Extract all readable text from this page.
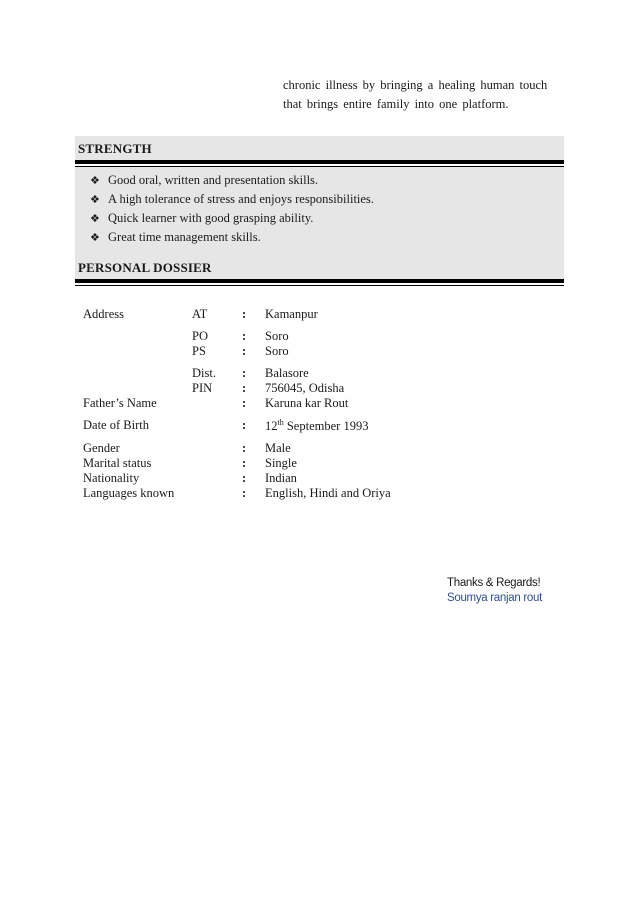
chronic illness by bringing a healing human touch
that brings entire family into one platform.
STRENGTH
❖ Good oral, written and presentation skills.
❖ A high tolerance of stress and enjoys responsibilities.
❖ Quick learner with good grasping ability.
❖ Great time management skills.
PERSONAL DOSSIER
Address	AT	: Kamanpur
PO	: Soro
PS	: Soro
Dist. : Balasore
PIN : 756045, Odisha
Father’s Name	: Karuna kar Rout
Date of Birth	: 12th September 1993
Gender	: Male
Marital status	: Single
Nationality	: Indian
Languages known	: English, Hindi and Oriya
Thanks & Regards!
Soumya ranjan rout
